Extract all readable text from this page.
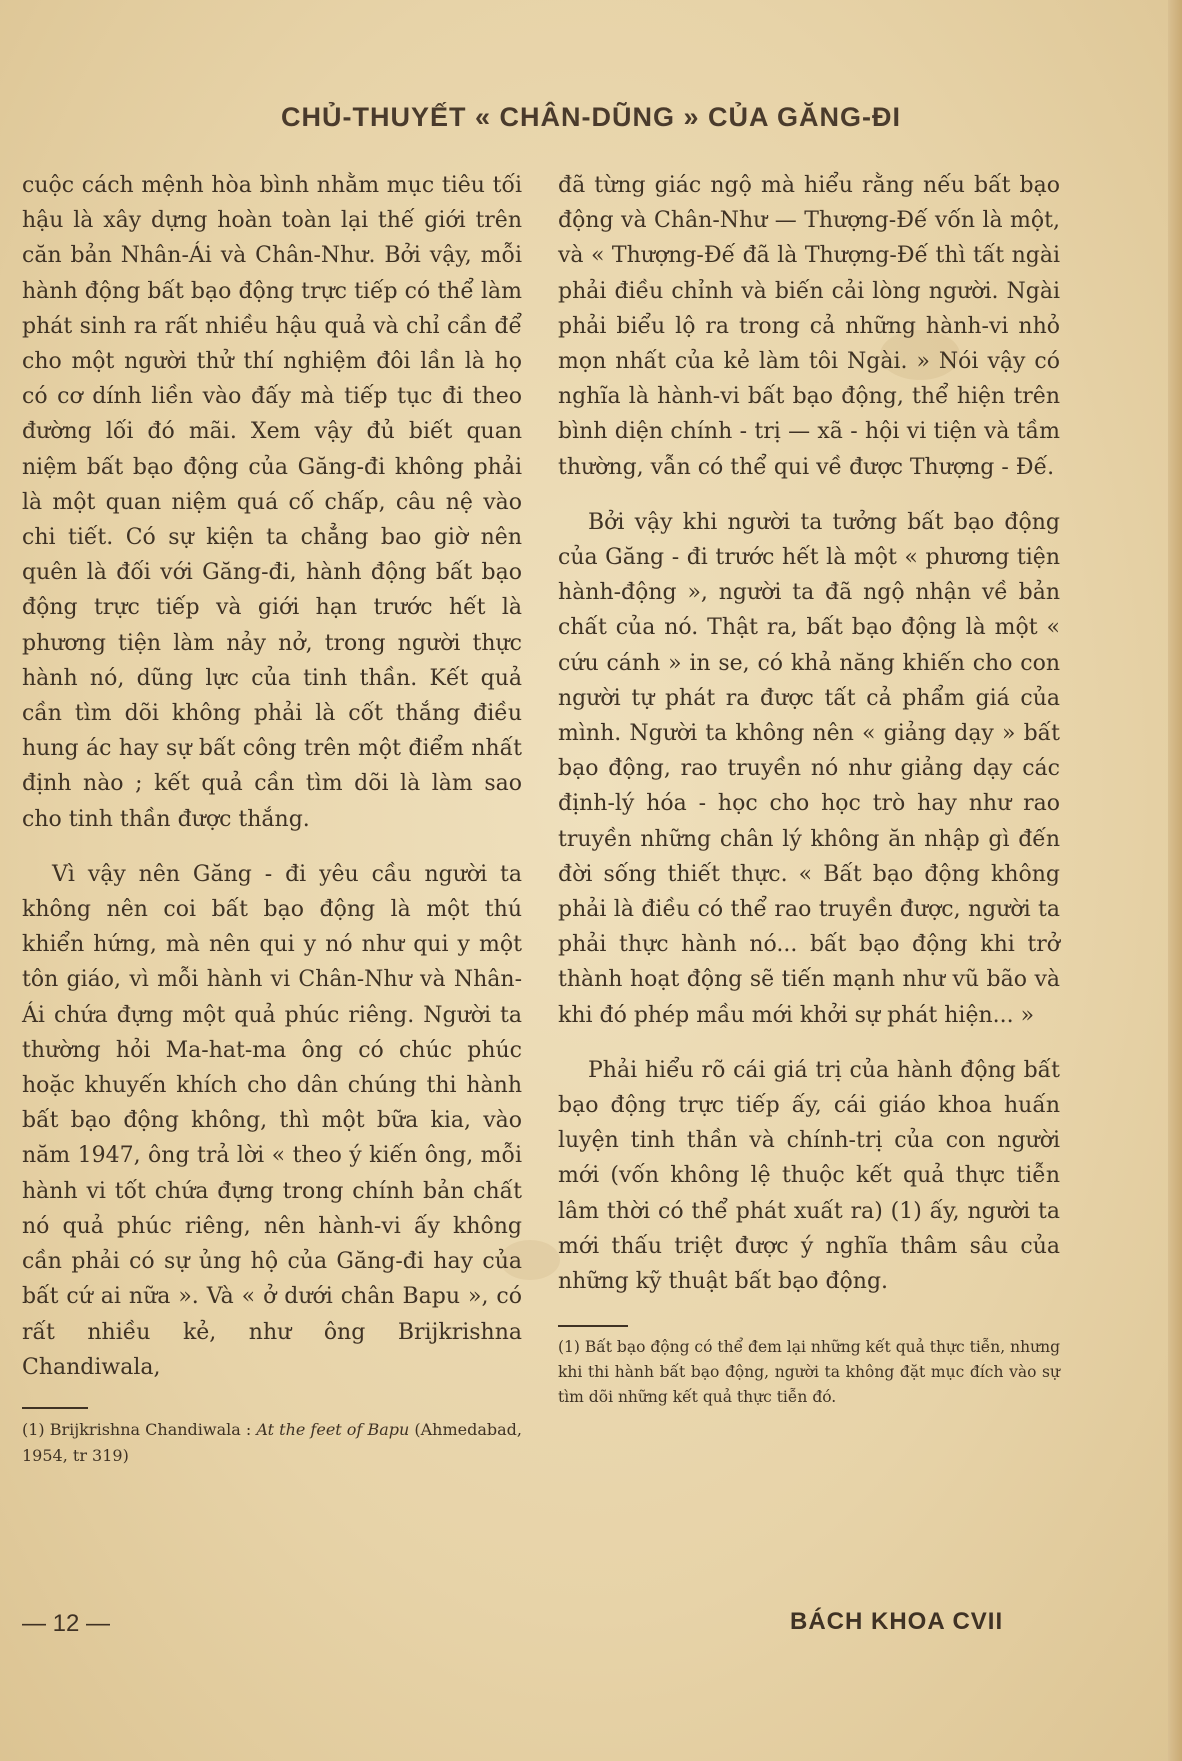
CHỦ-THUYẾT « CHÂN-DŨNG » CỦA GĂNG-ĐI

cuộc cách mệnh hòa bình nhằm mục tiêu tối hậu là xây dựng hoàn toàn lại thế giới trên căn bản Nhân-Ái và Chân-Như. Bởi vậy, mỗi hành động bất bạo động trực tiếp có thể làm phát sinh ra rất nhiều hậu quả và chỉ cần để cho một người thử thí nghiệm đôi lần là họ có cơ dính liền vào đấy mà tiếp tục đi theo đường lối đó mãi. Xem vậy đủ biết quan niệm bất bạo động của Găng-đi không phải là một quan niệm quá cố chấp, câu nệ vào chi tiết. Có sự kiện ta chẳng bao giờ nên quên là đối với Găng-đi, hành động bất bạo động trực tiếp và giới hạn trước hết là phương tiện làm nảy nở, trong người thực hành nó, dũng lực của tinh thần. Kết quả cần tìm dõi không phải là cốt thắng điều hung ác hay sự bất công trên một điểm nhất định nào ; kết quả cần tìm dõi là làm sao cho tinh thần được thắng.

Vì vậy nên Găng - đi yêu cầu người ta không nên coi bất bạo động là một thú khiển hứng, mà nên qui y nó như qui y một tôn giáo, vì mỗi hành vi Chân-Như và Nhân-Ái chứa đựng một quả phúc riêng. Người ta thường hỏi Ma-hat-ma ông có chúc phúc hoặc khuyến khích cho dân chúng thi hành bất bạo động không, thì một bữa kia, vào năm 1947, ông trả lời « theo ý kiến ông, mỗi hành vi tốt chứa đựng trong chính bản chất nó quả phúc riêng, nên hành-vi ấy không cần phải có sự ủng hộ của Găng-đi hay của bất cứ ai nữa ». Và « ở dưới chân Bapu », có rất nhiều kẻ, như ông Brijkrishna Chandiwala,

(1) Brijkrishna Chandiwala : At the feet of Bapu (Ahmedabad, 1954, tr 319)

đã từng giác ngộ mà hiểu rằng nếu bất bạo động và Chân-Như — Thượng-Đế vốn là một, và « Thượng-Đế đã là Thượng-Đế thì tất ngài phải điều chỉnh và biến cải lòng người. Ngài phải biểu lộ ra trong cả những hành-vi nhỏ mọn nhất của kẻ làm tôi Ngài. » Nói vậy có nghĩa là hành-vi bất bạo động, thể hiện trên bình diện chính - trị — xã - hội vi tiện và tầm thường, vẫn có thể qui về được Thượng - Đế.

Bởi vậy khi người ta tưởng bất bạo động của Găng - đi trước hết là một « phương tiện hành-động », người ta đã ngộ nhận về bản chất của nó. Thật ra, bất bạo động là một « cứu cánh » in se, có khả năng khiến cho con người tự phát ra được tất cả phẩm giá của mình. Người ta không nên « giảng dạy » bất bạo động, rao truyền nó như giảng dạy các định-lý hóa - học cho học trò hay như rao truyền những chân lý không ăn nhập gì đến đời sống thiết thực. « Bất bạo động không phải là điều có thể rao truyền được, người ta phải thực hành nó... bất bạo động khi trở thành hoạt động sẽ tiến mạnh như vũ bão và khi đó phép mầu mới khởi sự phát hiện... »

Phải hiểu rõ cái giá trị của hành động bất bạo động trực tiếp ấy, cái giáo khoa huấn luyện tinh thần và chính-trị của con người mới (vốn không lệ thuộc kết quả thực tiễn lâm thời có thể phát xuất ra) (1) ấy, người ta mới thấu triệt được ý nghĩa thâm sâu của những kỹ thuật bất bạo động.

(1) Bất bạo động có thể đem lại những kết quả thực tiễn, nhưng khi thi hành bất bạo động, người ta không đặt mục đích vào sự tìm dõi những kết quả thực tiễn đó.

— 12 —	BÁCH KHOA CVII
